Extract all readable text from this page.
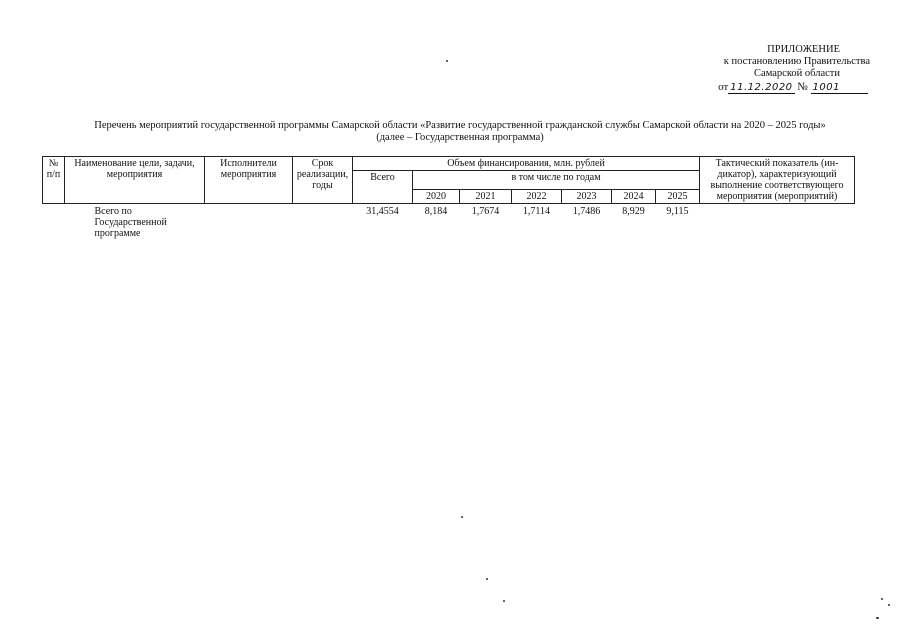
ПРИЛОЖЕНИЕ
к постановлению Правительства
Самарской области
от 11.12.2020 № 1001
Перечень мероприятий государственной программы Самарской области «Развитие государственной гражданской службы Самарской области на 2020 – 2025 годы»
(далее – Государственная программа)
№ п/п	Наименование цели, задачи, мероприятия	Исполнители мероприятия	Срок реализации, годы	Объем финансирования, млн. рублей							Тактический показатель (ин-дикатор), характеризующий выполнение соответствующего мероприятия (мероприятий)
				Всего	в том числе по годам						
					2020	2021	2022	2023	2024	2025	
	Всего по Государственной программе			31,4554	8,184	1,7674	1,7114	1,7486	8,929	9,115	
